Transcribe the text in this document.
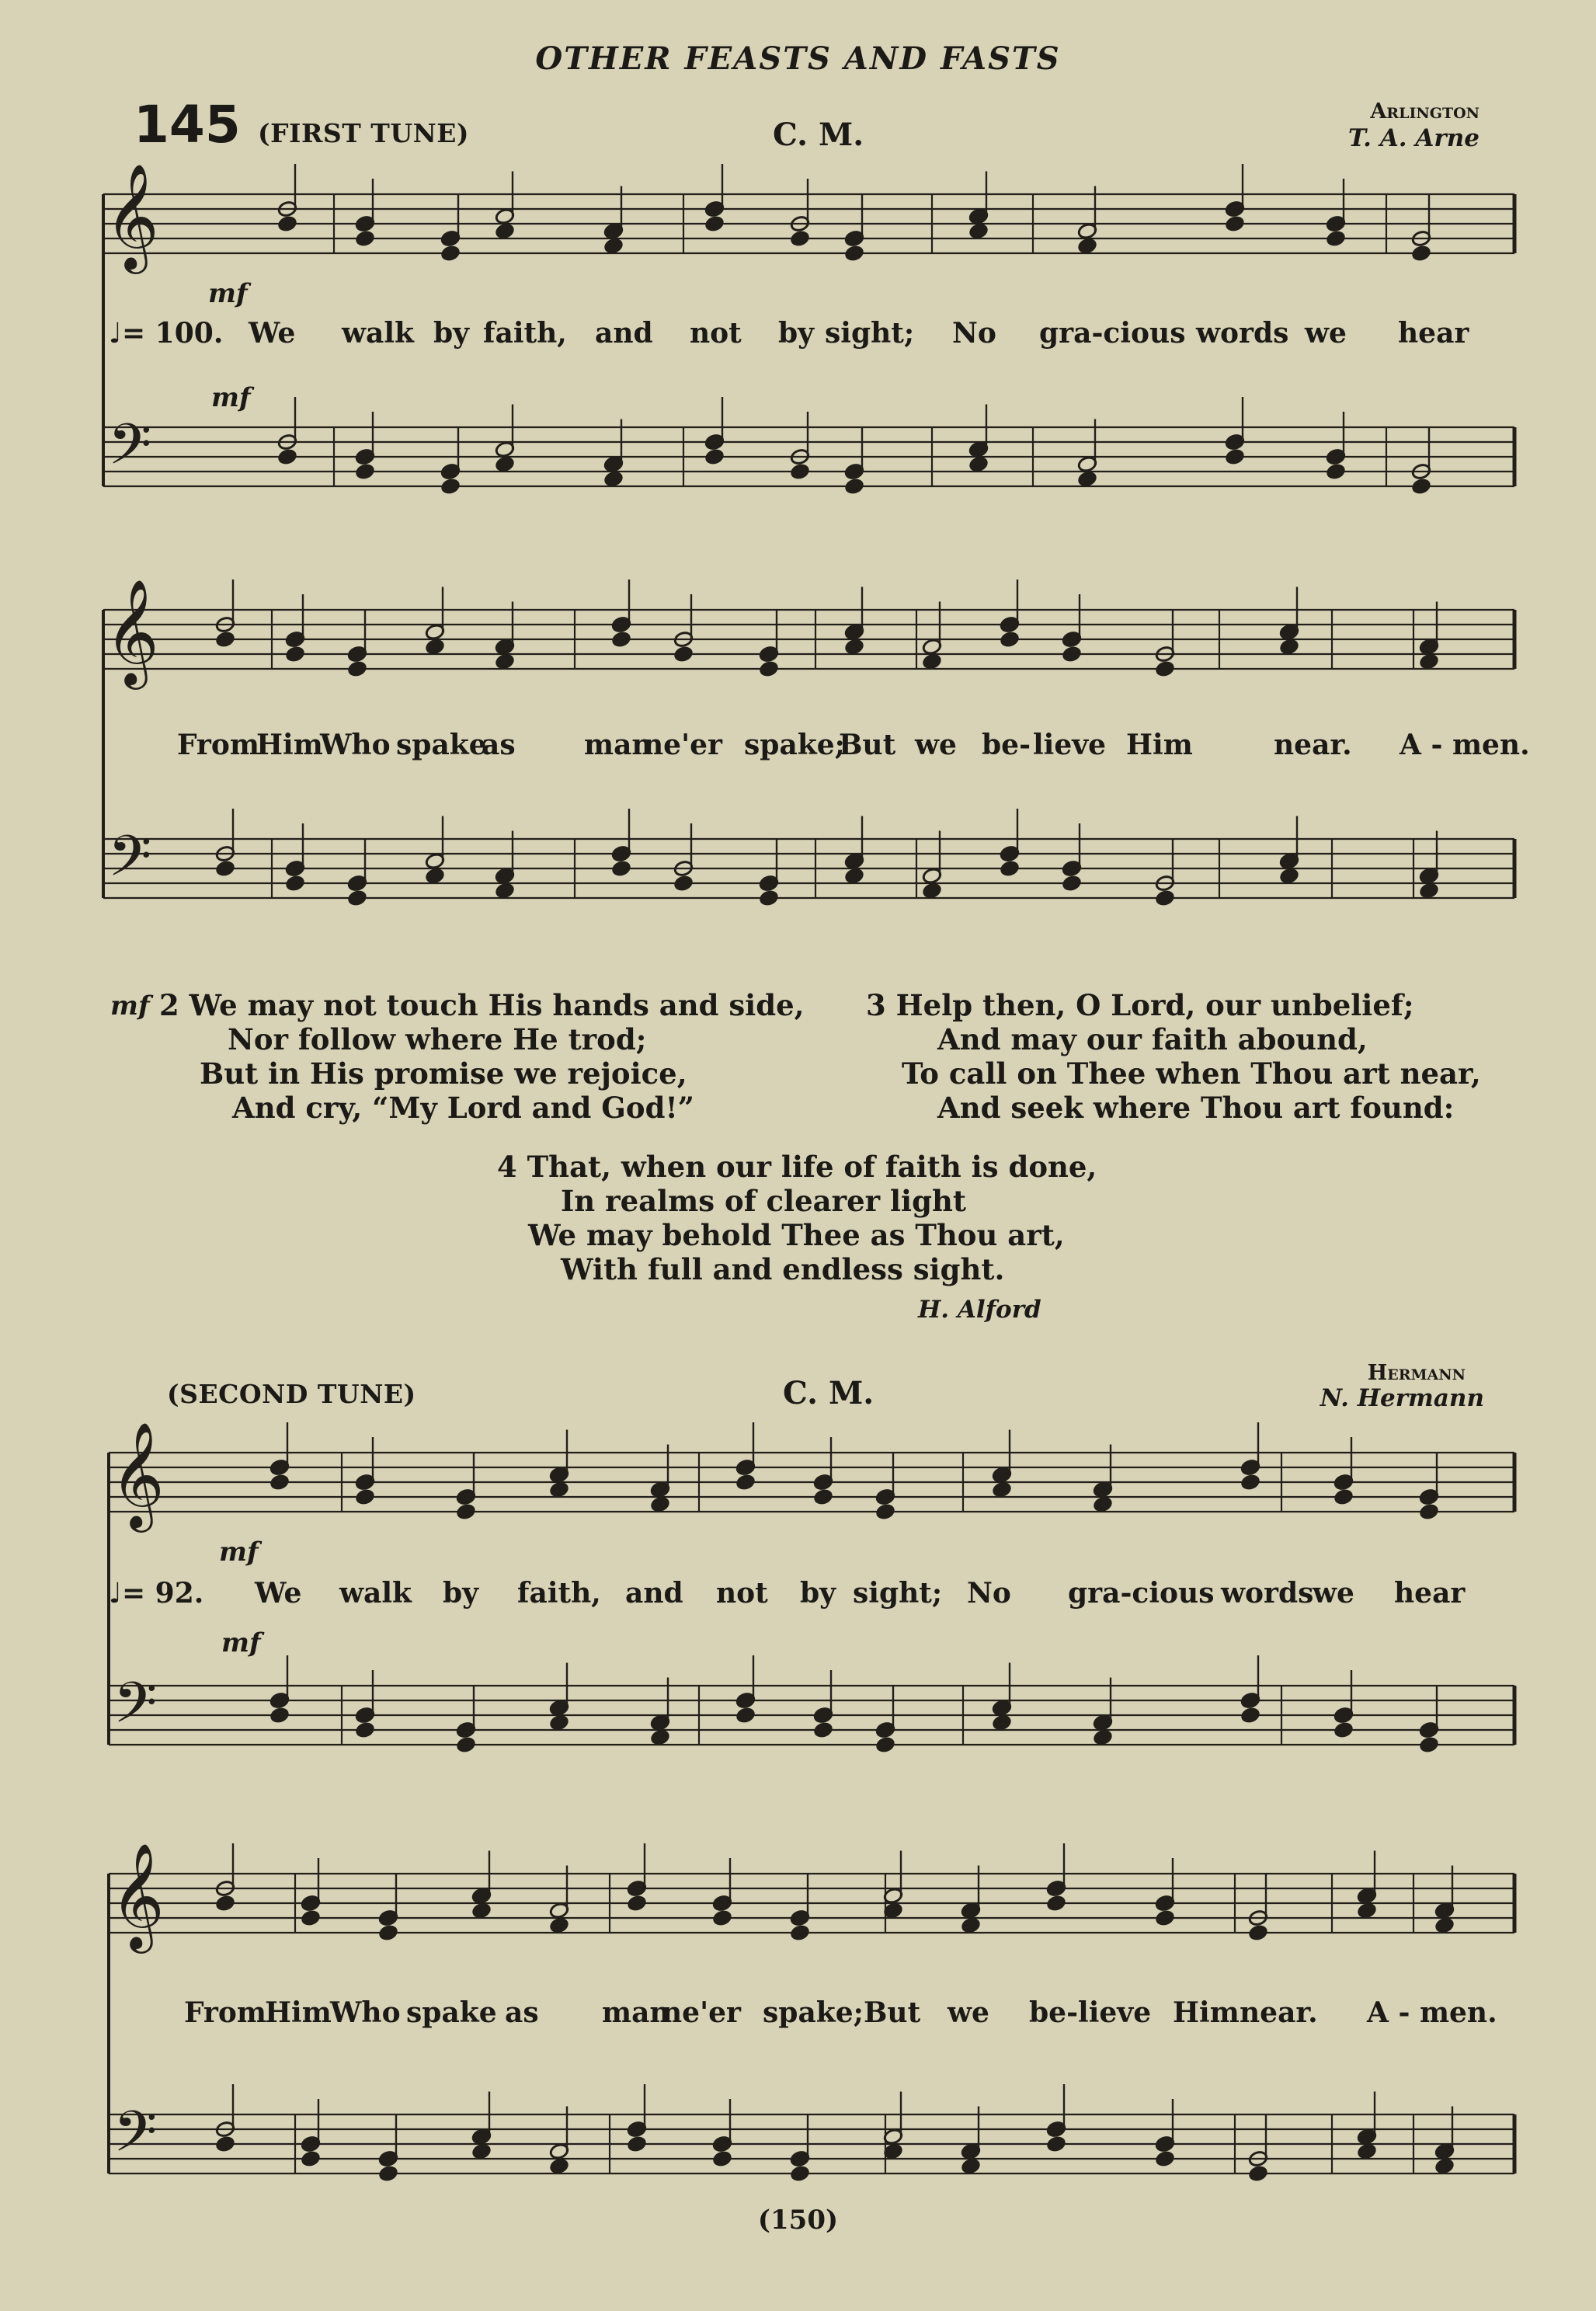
OTHER FEASTS AND FASTS
145 (FIRST TUNE)	C. M.
Arlington
T. A. Arne
𝄞
𝄢
𝄞
𝄢
𝄞
𝄢
𝄞
𝄢
mf
mf
♩= 100. We walk by faith, and not by sight; No gra-cious words we hear
From
Him
Who spake
as man
ne'er spake;
But we be- lieve Him	near. A - men.
mf 2 We may not touch His hands and side,
Nor follow where He trod;
But in His promise we rejoice,
And cry, “My Lord and God!”
3 Help then, O Lord, our unbelief;
And may our faith abound,
To call on Thee when Thou art near,
And seek where Thou art found:
4 That, when our life of faith is done,
In realms of clearer light
We may behold Thee as Thou art,
With full and endless sight.
H. Alford
(SECOND TUNE)	C. M.
Hermann
N. Hermann
mf
mf
♩= 92. We walk by faith, and not by sight; No gra-cious words
we hear
From
Him
Who spake as man
ne'er spake; But we be-lieve Him near. A - men.
(150)
